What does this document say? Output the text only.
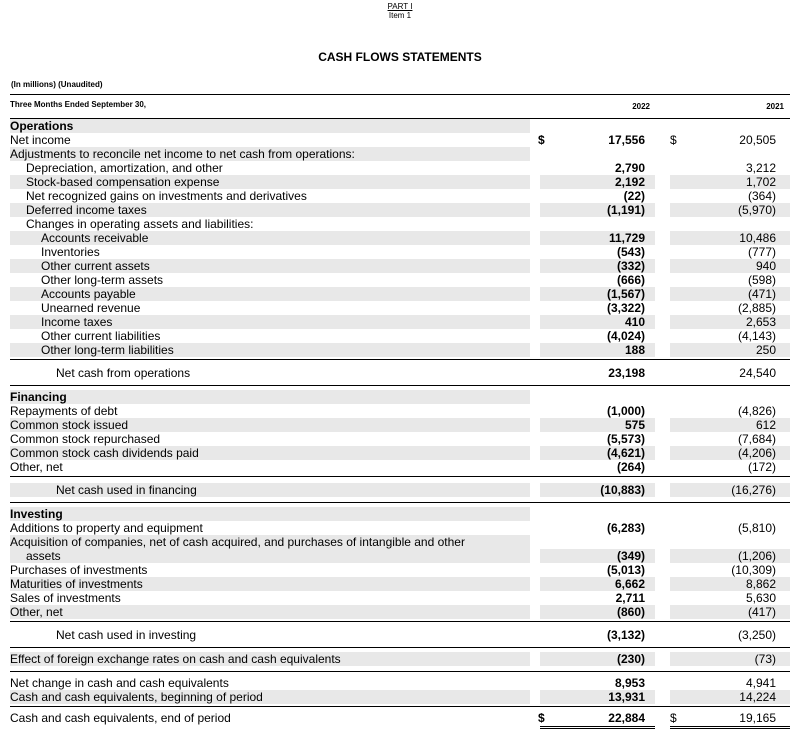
PART I
Item 1
CASH FLOWS STATEMENTS
(In millions) (Unaudited)
Three Months Ended September 30,	2022	2021
Operations
Net income	$	17,556 $	20,505
Adjustments to reconcile net income to net cash from operations:
Depreciation, amortization, and other	2,790	3,212
Stock-based compensation expense	2,192	1,702
Net recognized gains on investments and derivatives	(22)	(364)
Deferred income taxes	(1,191)	(5,970)
Changes in operating assets and liabilities:
Accounts receivable	11,729	10,486
Inventories	(543)	(777)
Other current assets	(332)	940
Other long-term assets	(666)	(598)
Accounts payable	(1,567)	(471)
Unearned revenue	(3,322)	(2,885)
Income taxes	410	2,653
Other current liabilities	(4,024)	(4,143)
Other long-term liabilities	188	250
Net cash from operations	23,198	24,540
Financing
Repayments of debt	(1,000)	(4,826)
Common stock issued	575	612
Common stock repurchased	(5,573)	(7,684)
Common stock cash dividends paid	(4,621)	(4,206)
Other, net	(264)	(172)
Net cash used in financing	(10,883)	(16,276)
Investing
Additions to property and equipment	(6,283)	(5,810)
Acquisition of companies, net of cash acquired, and purchases of intangible and other
assets	(349)	(1,206)
Purchases of investments	(5,013)	(10,309)
Maturities of investments	6,662	8,862
Sales of investments	2,711	5,630
Other, net	(860)	(417)
Net cash used in investing	(3,132)	(3,250)
Effect of foreign exchange rates on cash and cash equivalents	(230)	(73)
Net change in cash and cash equivalents	8,953	4,941
Cash and cash equivalents, beginning of period	13,931	14,224
Cash and cash equivalents, end of period	$	22,884 $	19,165
